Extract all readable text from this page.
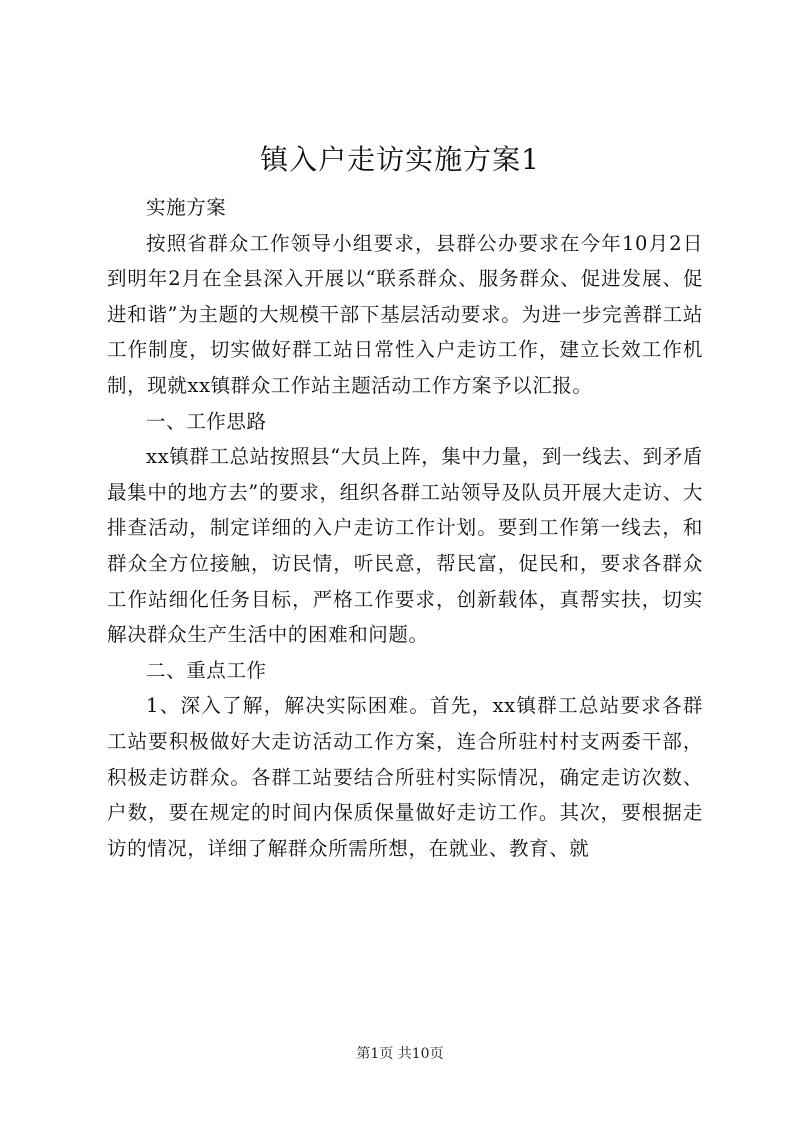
镇入户走访实施方案1

实施方案

按照省群众工作领导小组要求，县群公办要求在今年10月2日到明年2月在全县深入开展以“联系群众、服务群众、促进发展、促进和谐”为主题的大规模干部下基层活动要求。为进一步完善群工站工作制度，切实做好群工站日常性入户走访工作，建立长效工作机制，现就xx镇群众工作站主题活动工作方案予以汇报。

一、工作思路

xx镇群工总站按照县“大员上阵，集中力量，到一线去、到矛盾最集中的地方去”的要求，组织各群工站领导及队员开展大走访、大排查活动，制定详细的入户走访工作计划。要到工作第一线去，和群众全方位接触，访民情，听民意，帮民富，促民和，要求各群众工作站细化任务目标，严格工作要求，创新载体，真帮实扶，切实解决群众生产生活中的困难和问题。

二、重点工作

1、深入了解，解决实际困难。首先，xx镇群工总站要求各群工站要积极做好大走访活动工作方案，连合所驻村村支两委干部，积极走访群众。各群工站要结合所驻村实际情况，确定走访次数、户数，要在规定的时间内保质保量做好走访工作。其次，要根据走访的情况，详细了解群众所需所想，在就业、教育、就

第1页 共10页
